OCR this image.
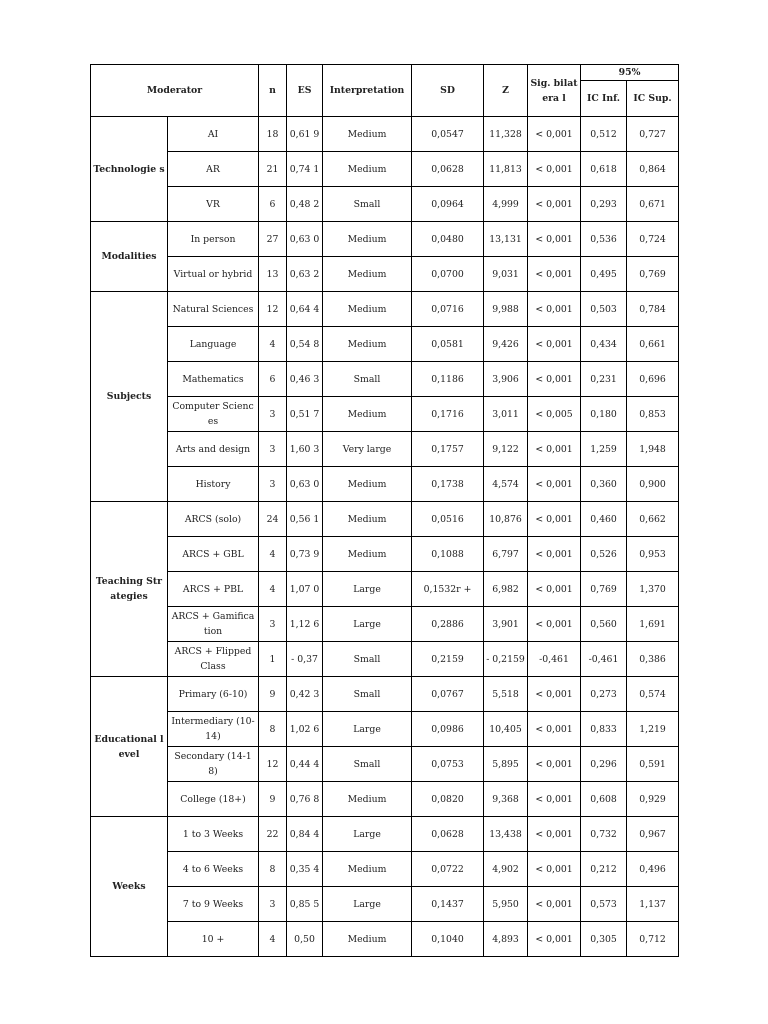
Moderator		n	ES	Interpretation	SD	Z	Sig. bilatera l	95%	
								IC Inf.	IC Sup.
Technologie s	AI	18	0,61 9	Medium	0,0547	11,328	< 0,001	0,512	0,727
	AR	21	0,74 1	Medium	0,0628	11,813	< 0,001	0,618	0,864
	VR	6	0,48 2	Small	0,0964	4,999	< 0,001	0,293	0,671
Modalities	In person	27	0,63 0	Medium	0,0480	13,131	< 0,001	0,536	0,724
	Virtual or hybrid	13	0,63 2	Medium	0,0700	9,031	< 0,001	0,495	0,769
Subjects	Natural Sciences	12	0,64 4	Medium	0,0716	9,988	< 0,001	0,503	0,784
	Language	4	0,54 8	Medium	0,0581	9,426	< 0,001	0,434	0,661
	Mathematics	6	0,46 3	Small	0,1186	3,906	< 0,001	0,231	0,696
	Computer Sciences	3	0,51 7	Medium	0,1716	3,011	< 0,005	0,180	0,853
	Arts and design	3	1,60 3	Very large	0,1757	9,122	< 0,001	1,259	1,948
	History	3	0,63 0	Medium	0,1738	4,574	< 0,001	0,360	0,900
Teaching Strategies	ARCS (solo)	24	0,56 1	Medium	0,0516	10,876	< 0,001	0,460	0,662
	ARCS + GBL	4	0,73 9	Medium	0,1088	6,797	< 0,001	0,526	0,953
	ARCS + PBL	4	1,07 0	Large	0,1532r +	6,982	< 0,001	0,769	1,370
	ARCS + Gamification	3	1,12 6	Large	0,2886	3,901	< 0,001	0,560	1,691
	ARCS + Flipped Class	1	- 0,37	Small	0,2159	- 0,2159	-0,461	-0,461	0,386
Educational level	Primary (6-10)	9	0,42 3	Small	0,0767	5,518	< 0,001	0,273	0,574
	Intermediary (10-14)	8	1,02 6	Large	0,0986	10,405	< 0,001	0,833	1,219
	Secondary (14-18)	12	0,44 4	Small	0,0753	5,895	< 0,001	0,296	0,591
	College (18+)	9	0,76 8	Medium	0,0820	9,368	< 0,001	0,608	0,929
Weeks	1 to 3 Weeks	22	0,84 4	Large	0,0628	13,438	< 0,001	0,732	0,967
	4 to 6 Weeks	8	0,35 4	Medium	0,0722	4,902	< 0,001	0,212	0,496
	7 to 9 Weeks	3	0,85 5	Large	0,1437	5,950	< 0,001	0,573	1,137
	10 +	4	0,50	Medium	0,1040	4,893	< 0,001	0,305	0,712
